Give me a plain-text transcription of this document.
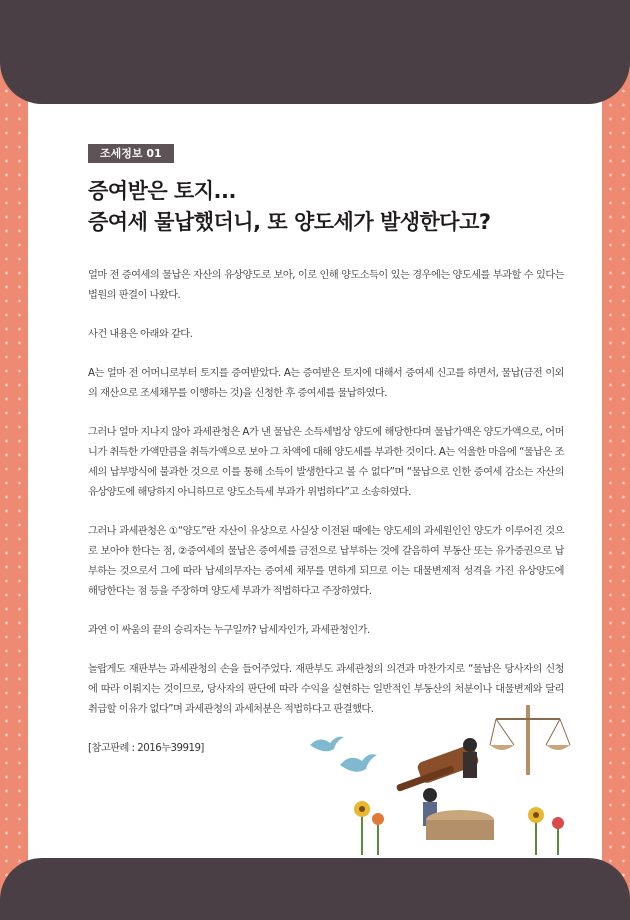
조세정보 01
증여받은 토지...
증여세 물납했더니, 또 양도세가 발생한다고?

얼마 전 증여세의 물납은 자산의 유상양도로 보아, 이로 인해 양도소득이 있는 경우에는 양도세를 부과할 수 있다는 법원의 판결이 나왔다.

사건 내용은 아래와 같다.

A는 얼마 전 어머니로부터 토지를 증여받았다. A는 증여받은 토지에 대해서 증여세 신고를 하면서, 물납(금전 이외의 재산으로 조세채무를 이행하는 것)을 신청한 후 증여세를 물납하였다.

그러나 얼마 지나지 않아 과세관청은 A가 낸 물납은 소득세법상 양도에 해당한다며 물납가액은 양도가액으로, 어머니가 취득한 가액만큼을 취득가액으로 보아 그 차액에 대해 양도세를 부과한 것이다. A는 억울한 마음에 “물납은 조세의 납부방식에 불과한 것으로 이를 통해 소득이 발생한다고 볼 수 없다”며 “물납으로 인한 증여세 감소는 자산의 유상양도에 해당하지 아니하므로 양도소득세 부과가 위법하다”고 소송하였다.

그러나 과세관청은 ①“양도”란 자산이 유상으로 사실상 이전된 때에는 양도세의 과세원인인 양도가 이루어진 것으로 보아야 한다는 점, ②증여세의 물납은 증여세를 금전으로 납부하는 것에 갈음하여 부동산 또는 유가증권으로 납부하는 것으로서 그에 따라 납세의무자는 증여세 채무를 면하게 되므로 이는 대물변제적 성격을 가진 유상양도에 해당한다는 점 등을 주장하며 양도세 부과가 적법하다고 주장하였다.

과연 이 싸움의 끝의 승리자는 누구일까? 납세자인가, 과세관청인가.

놀랍게도 재판부는 과세관청의 손을 들어주었다. 재판부도 과세관청의 의견과 마찬가지로 “물납은 당사자의 신청에 따라 이뤄지는 것이므로, 당사자의 판단에 따라 수익을 실현하는 일반적인 부동산의 처분이나 대물변제와 달리 취급할 이유가 없다”며 과세관청의 과세처분은 적법하다고 판결했다.

[참고판례 : 2016누39919]
